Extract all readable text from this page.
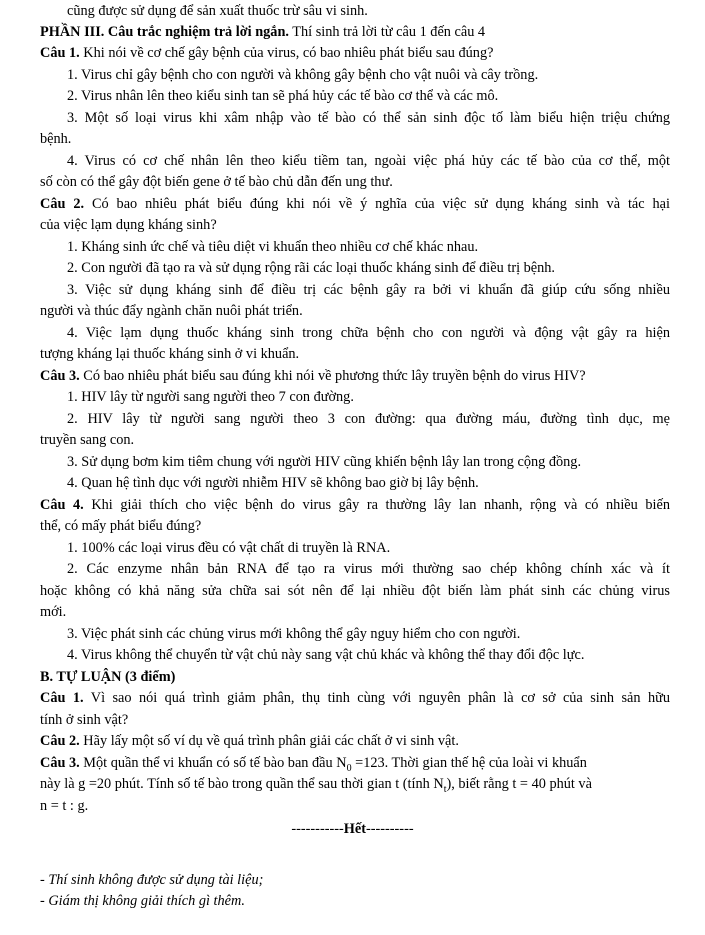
cũng được sử dụng để sản xuất thuốc trừ sâu vi sinh.
PHẦN III. Câu trắc nghiệm trả lời ngắn. Thí sinh trả lời từ câu 1 đến câu 4
Câu 1. Khi nói về cơ chế gây bệnh của virus, có bao nhiêu phát biểu sau đúng?
1. Virus chỉ gây bệnh cho con người và không gây bệnh cho vật nuôi và cây trồng.
2. Virus nhân lên theo kiểu sinh tan sẽ phá hủy các tế bào cơ thể và các mô.
3. Một số loại virus khi xâm nhập vào tế bào có thể sản sinh độc tố làm biểu hiện triệu chứng
bệnh.
4. Virus có cơ chế nhân lên theo kiểu tiềm tan, ngoài việc phá hủy các tế bào của cơ thể, một
số còn có thể gây đột biến gene ở tế bào chủ dẫn đến ung thư.
Câu 2. Có bao nhiêu phát biểu đúng khi nói về ý nghĩa của việc sử dụng kháng sinh và tác hại
của việc lạm dụng kháng sinh?
1. Kháng sinh ức chế và tiêu diệt vi khuẩn theo nhiều cơ chế khác nhau.
2. Con người đã tạo ra và sử dụng rộng rãi các loại thuốc kháng sinh để điều trị bệnh.
3. Việc sử dụng kháng sinh để điều trị các bệnh gây ra bởi vi khuẩn đã giúp cứu sống nhiều
người và thúc đẩy ngành chăn nuôi phát triển.
4. Việc lạm dụng thuốc kháng sinh trong chữa bệnh cho con người và động vật gây ra hiện
tượng kháng lại thuốc kháng sinh ở vi khuẩn.
Câu 3. Có bao nhiêu phát biểu sau đúng khi nói về phương thức lây truyền bệnh do virus HIV?
1. HIV lây từ người sang người theo 7 con đường.
2. HIV lây từ người sang người theo 3 con đường: qua đường máu, đường tình dục, mẹ
truyền sang con.
3. Sử dụng bơm kim tiêm chung với người HIV cũng khiến bệnh lây lan trong cộng đồng.
4. Quan hệ tình dục với người nhiễm HIV sẽ không bao giờ bị lây bệnh.
Câu 4. Khi giải thích cho việc bệnh do virus gây ra thường lây lan nhanh, rộng và có nhiều biến
thể, có mấy phát biểu đúng?
1. 100% các loại virus đều có vật chất di truyền là RNA.
2. Các enzyme nhân bản RNA để tạo ra virus mới thường sao chép không chính xác và ít
hoặc không có khả năng sửa chữa sai sót nên để lại nhiều đột biến làm phát sinh các chủng virus
mới.
3. Việc phát sinh các chủng virus mới không thể gây nguy hiểm cho con người.
4. Virus không thể chuyển từ vật chủ này sang vật chủ khác và không thể thay đổi độc lực.
B. TỰ LUẬN (3 điểm)
Câu 1. Vì sao nói quá trình giảm phân, thụ tinh cùng với nguyên phân là cơ sở của sinh sản hữu
tính ở sinh vật?
Câu 2. Hãy lấy một số ví dụ về quá trình phân giải các chất ở vi sinh vật.
Câu 3. Một quần thể vi khuẩn có số tế bào ban đầu $N_0 =123$. Thời gian thế hệ của loài vi khuẩn
này là g =20 phút. Tính số tế bào trong quần thể sau thời gian t (tính $N_t$), biết rằng t = 40 phút và
n = t : g.
-----------Hết----------
- Thí sinh không được sử dụng tài liệu;
- Giám thị không giải thích gì thêm.
